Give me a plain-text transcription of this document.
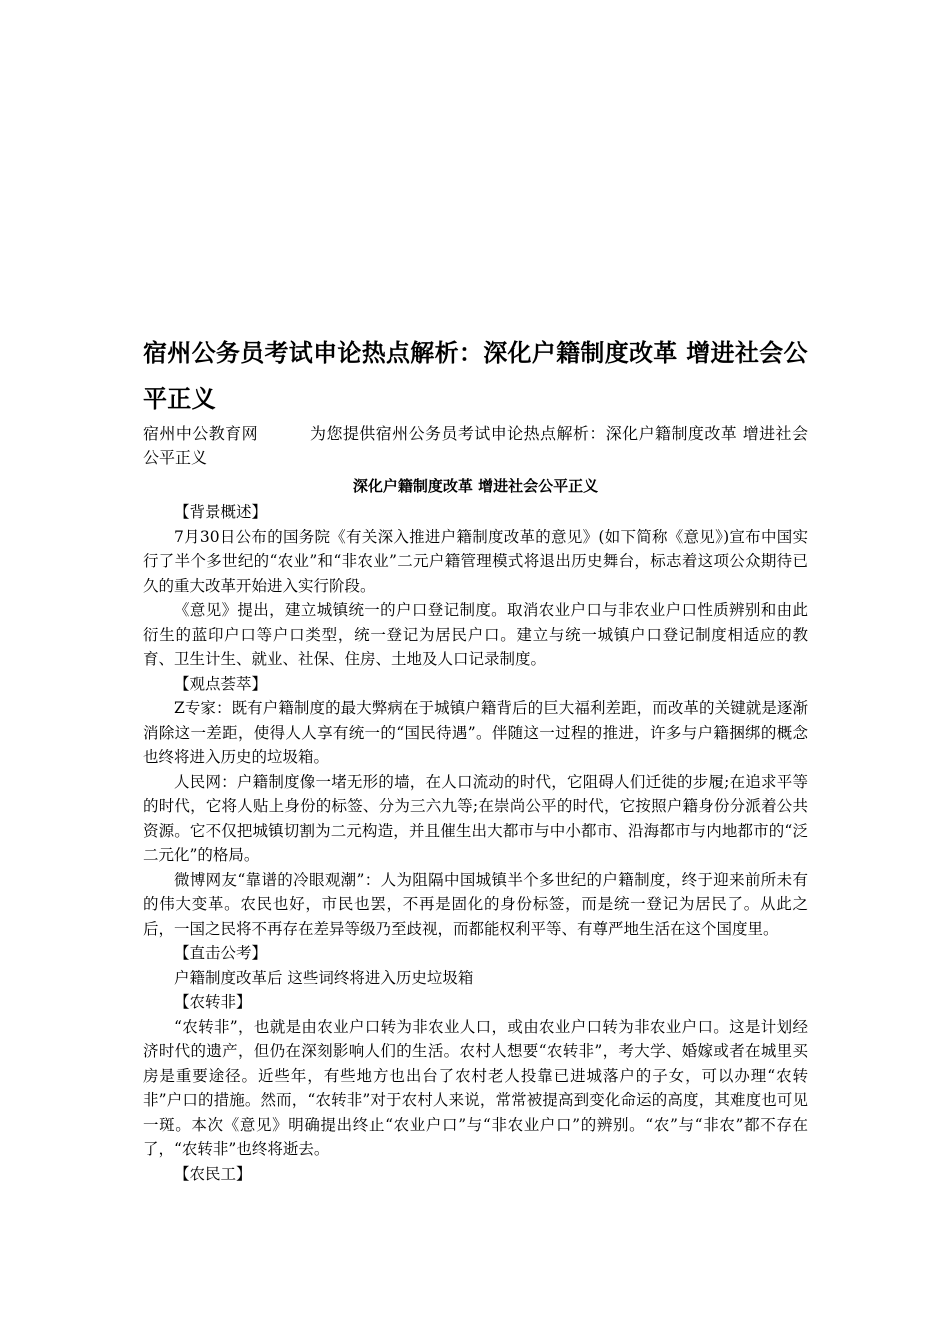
宿州公务员考试申论热点解析：深化户籍制度改革 增进社会公平正义

宿州中公教育网	为您提供宿州公务员考试申论热点解析：深化户籍制度改革 增进社会公平正义

深化户籍制度改革 增进社会公平正义

【背景概述】

7月30日公布的国务院《有关深入推进户籍制度改革的意见》(如下简称《意见》)宣布中国实行了半个多世纪的“农业”和“非农业”二元户籍管理模式将退出历史舞台，标志着这项公众期待已久的重大改革开始进入实行阶段。

《意见》提出，建立城镇统一的户口登记制度。取消农业户口与非农业户口性质辨别和由此衍生的蓝印户口等户口类型，统一登记为居民户口。建立与统一城镇户口登记制度相适应的教育、卫生计生、就业、社保、住房、土地及人口记录制度。

【观点荟萃】

Z专家：既有户籍制度的最大弊病在于城镇户籍背后的巨大福利差距，而改革的关键就是逐渐消除这一差距，使得人人享有统一的“国民待遇”。伴随这一过程的推进，许多与户籍捆绑的概念也终将进入历史的垃圾箱。

人民网：户籍制度像一堵无形的墙，在人口流动的时代，它阻碍人们迁徙的步履;在追求平等的时代，它将人贴上身份的标签、分为三六九等;在崇尚公平的时代，它按照户籍身份分派着公共资源。它不仅把城镇切割为二元构造，并且催生出大都市与中小都市、沿海都市与内地都市的“泛二元化”的格局。

微博网友“靠谱的冷眼观潮”：人为阻隔中国城镇半个多世纪的户籍制度，终于迎来前所未有的伟大变革。农民也好，市民也罢，不再是固化的身份标签，而是统一登记为居民了。从此之后，一国之民将不再存在差异等级乃至歧视，而都能权利平等、有尊严地生活在这个国度里。

【直击公考】

户籍制度改革后 这些词终将进入历史垃圾箱

【农转非】

“农转非”，也就是由农业户口转为非农业人口，或由农业户口转为非农业户口。这是计划经济时代的遗产，但仍在深刻影响人们的生活。农村人想要“农转非”，考大学、婚嫁或者在城里买房是重要途径。近些年，有些地方也出台了农村老人投靠已进城落户的子女，可以办理“农转非”户口的措施。然而，“农转非”对于农村人来说，常常被提高到变化命运的高度，其难度也可见一斑。本次《意见》明确提出终止“农业户口”与“非农业户口”的辨别。“农”与“非农”都不存在了，“农转非”也终将逝去。

【农民工】
